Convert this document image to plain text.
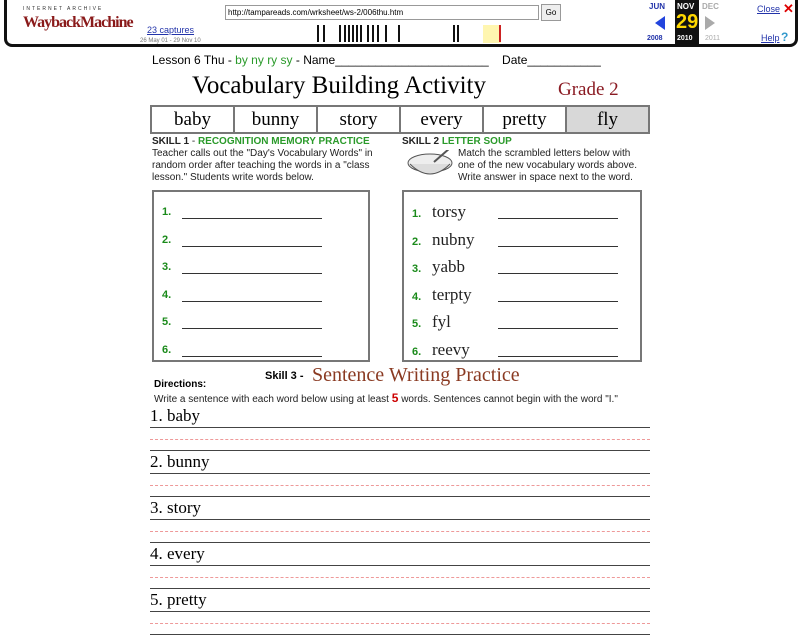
INTERNET ARCHIVE
WaybackMachine
http://tampareads.com/wrksheet/ws-2/006thu.htm	Go
23 captures
26 May 01 - 29 Nov 10
JUN NOV
29
DEC
2008 2010 2011
Close ✕
Help ?
Lesson 6 Thu - by ny ry sy - Name_______________________ Date___________
Vocabulary Building Activity	Grade 2
baby	bunny	story	every	pretty	fly
SKILL 1 - RECOGNITION MEMORY PRACTICE
Teacher calls out the "Day's Vocabulary Words" in random order after teaching the words in a "class lesson." Students write words below.
SKILL 2 LETTER SOUP
Match the scrambled letters below with one of the new vocabulary words above. Write answer in space next to the word.
1.
2.
3.
4.
5.
6.
1. torsy
2. nubny
3. yabb
4. terpty
5. fyl
6. reevy
Skill 3 - Sentence Writing Practice
Directions:
Write a sentence with each word below using at least 5 words. Sentences cannot begin with the word "I."
1. baby
2. bunny
3. story
4. every
5. pretty
